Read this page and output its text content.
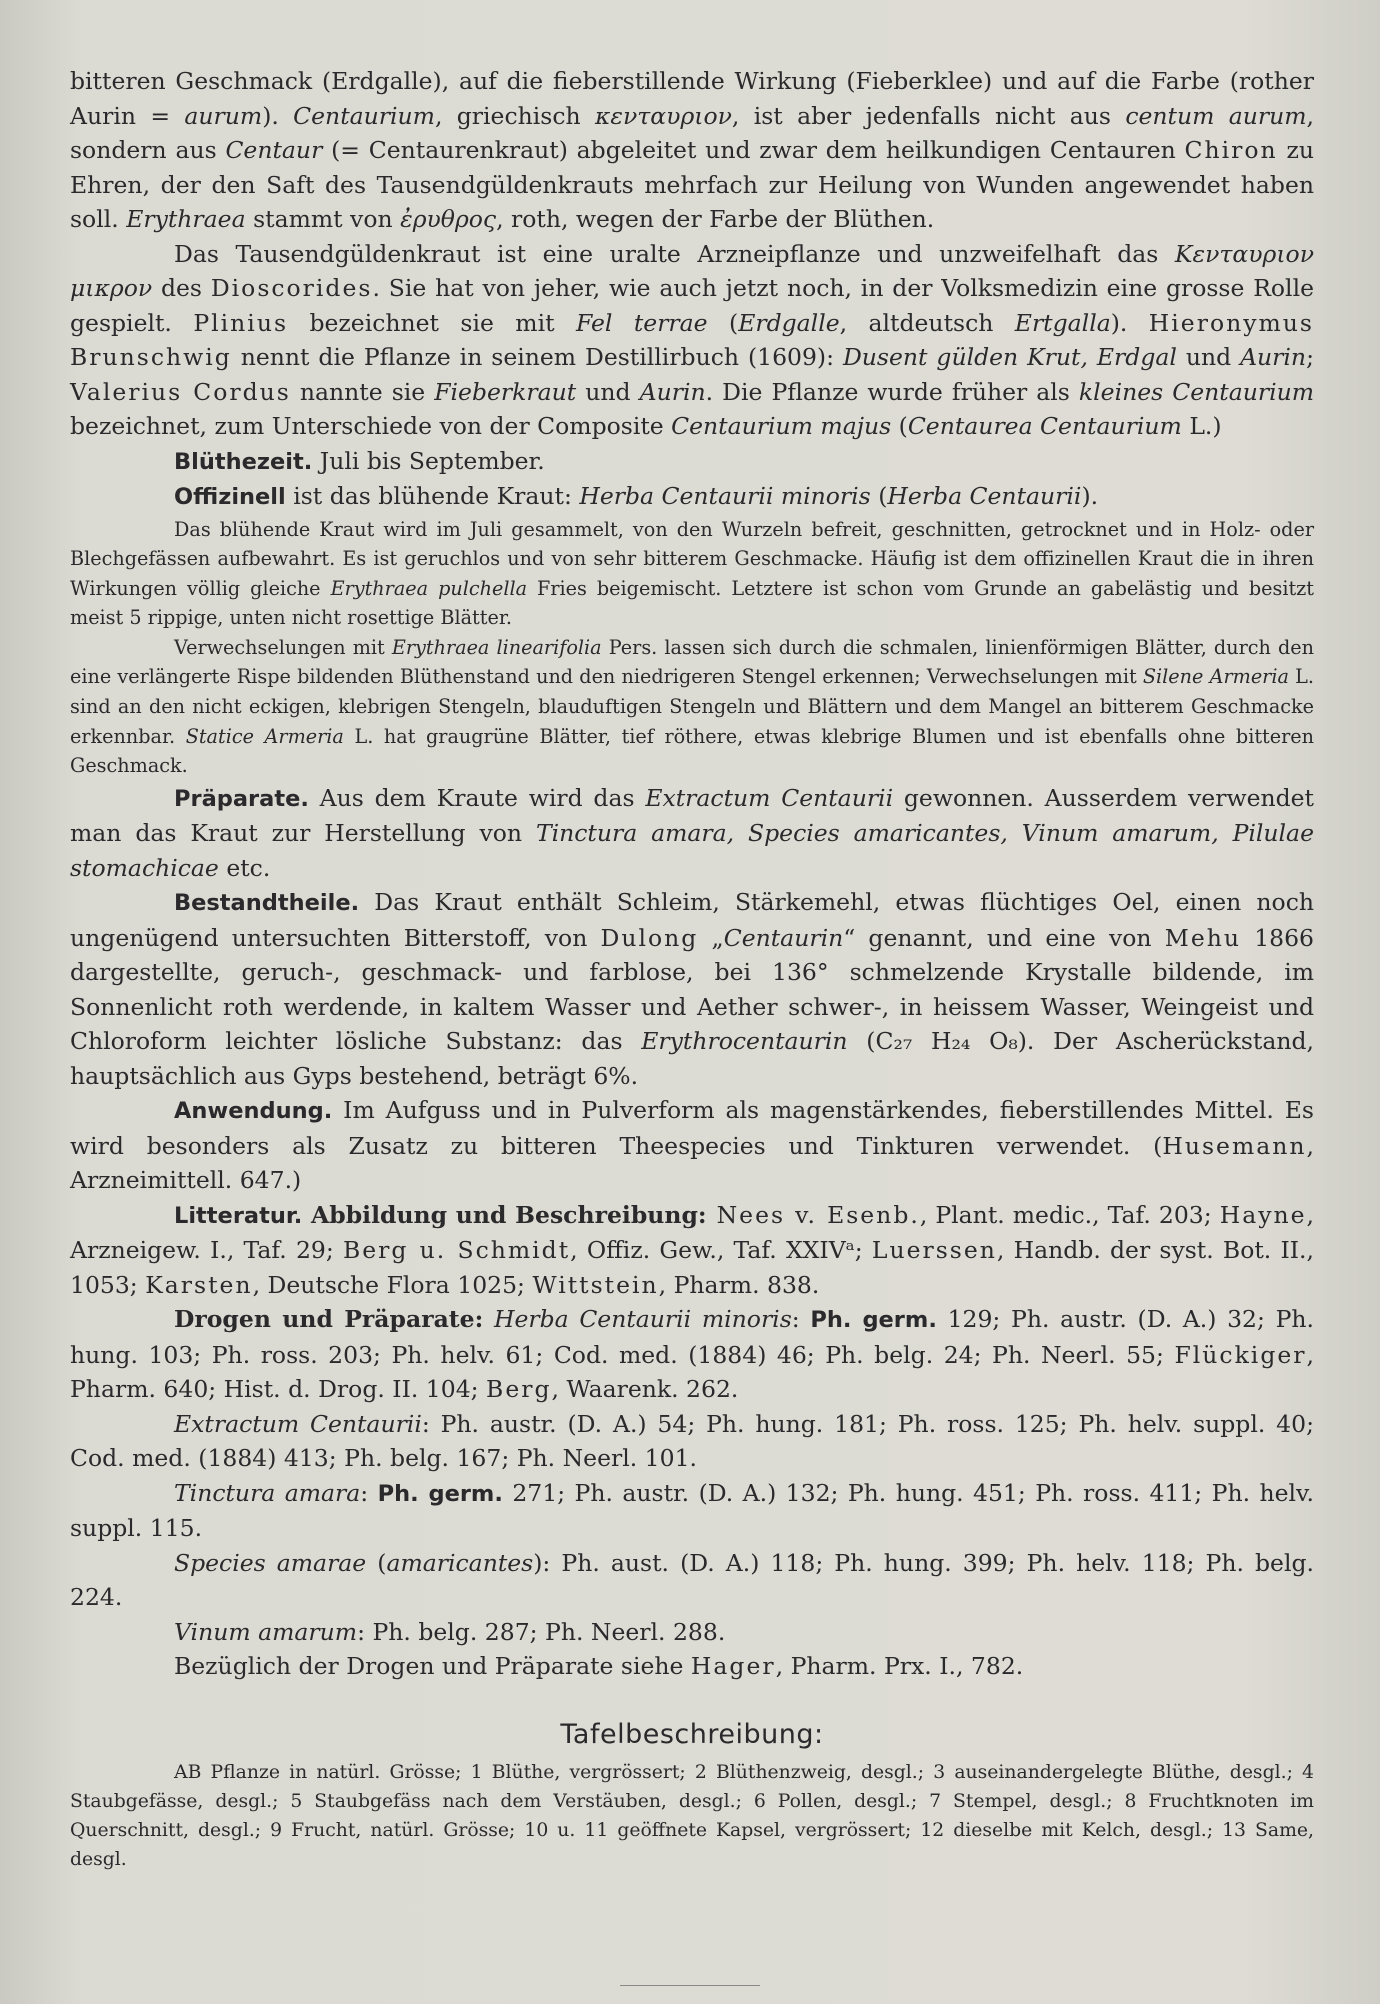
bitteren Geschmack (Erdgalle), auf die fieberstillende Wirkung (Fieberklee) und auf die Farbe (rother Aurin = aurum). Centaurium, griechisch κενταυριον, ist aber jedenfalls nicht aus centum aurum, sondern aus Centaur (= Centaurenkraut) abgeleitet und zwar dem heilkundigen Centauren Chiron zu Ehren, der den Saft des Tausendgüldenkrauts mehrfach zur Heilung von Wunden angewendet haben soll. Erythraea stammt von ἐρυθρος, roth, wegen der Farbe der Blüthen.

Das Tausendgüldenkraut ist eine uralte Arzneipflanze und unzweifelhaft das Κενταυριον μικρον des Dioscorides. Sie hat von jeher, wie auch jetzt noch, in der Volksmedizin eine grosse Rolle gespielt. Plinius bezeichnet sie mit Fel terrae (Erdgalle, altdeutsch Ertgalla). Hieronymus Brunschwig nennt die Pflanze in seinem Destillirbuch (1609): Dusent gülden Krut, Erdgal und Aurin; Valerius Cordus nannte sie Fieberkraut und Aurin. Die Pflanze wurde früher als kleines Centaurium bezeichnet, zum Unterschiede von der Composite Centaurium majus (Centaurea Centaurium L.)

Blüthezeit. Juli bis September.

Offizinell ist das blühende Kraut: Herba Centaurii minoris (Herba Centaurii).

Das blühende Kraut wird im Juli gesammelt, von den Wurzeln befreit, geschnitten, getrocknet und in Holz- oder Blechgefässen aufbewahrt. Es ist geruchlos und von sehr bitterem Geschmacke. Häufig ist dem offizinellen Kraut die in ihren Wirkungen völlig gleiche Erythraea pulchella Fries beigemischt. Letztere ist schon vom Grunde an gabelästig und besitzt meist 5 rippige, unten nicht rosettige Blätter.

Verwechselungen mit Erythraea linearifolia Pers. lassen sich durch die schmalen, linienförmigen Blätter, durch den eine verlängerte Rispe bildenden Blüthenstand und den niedrigeren Stengel erkennen; Verwechselungen mit Silene Armeria L. sind an den nicht eckigen, klebrigen Stengeln, blauduftigen Stengeln und Blättern und dem Mangel an bitterem Geschmacke erkennbar. Statice Armeria L. hat graugrüne Blätter, tief röthere, etwas klebrige Blumen und ist ebenfalls ohne bitteren Geschmack.

Präparate. Aus dem Kraute wird das Extractum Centaurii gewonnen. Ausserdem verwendet man das Kraut zur Herstellung von Tinctura amara, Species amaricantes, Vinum amarum, Pilulae stomachicae etc.

Bestandtheile. Das Kraut enthält Schleim, Stärkemehl, etwas flüchtiges Oel, einen noch ungenügend untersuchten Bitterstoff, von Dulong „Centaurin“ genannt, und eine von Mehu 1866 dargestellte, geruch-, geschmack- und farblose, bei 136° schmelzende Krystalle bildende, im Sonnenlicht roth werdende, in kaltem Wasser und Aether schwer-, in heissem Wasser, Weingeist und Chloroform leichter lösliche Substanz: das Erythrocentaurin (C₂₇ H₂₄ O₈). Der Ascherückstand, hauptsächlich aus Gyps bestehend, beträgt 6%.

Anwendung. Im Aufguss und in Pulverform als magenstärkendes, fieberstillendes Mittel. Es wird besonders als Zusatz zu bitteren Theespecies und Tinkturen verwendet. (Husemann, Arzneimittell. 647.)

Litteratur. Abbildung und Beschreibung: Nees v. Esenb., Plant. medic., Taf. 203; Hayne, Arzneigew. I., Taf. 29; Berg u. Schmidt, Offiz. Gew., Taf. XXIVᵃ; Luerssen, Handb. der syst. Bot. II., 1053; Karsten, Deutsche Flora 1025; Wittstein, Pharm. 838.

Drogen und Präparate: Herba Centaurii minoris: Ph. germ. 129; Ph. austr. (D. A.) 32; Ph. hung. 103; Ph. ross. 203; Ph. helv. 61; Cod. med. (1884) 46; Ph. belg. 24; Ph. Neerl. 55; Flückiger, Pharm. 640; Hist. d. Drog. II. 104; Berg, Waarenk. 262.

Extractum Centaurii: Ph. austr. (D. A.) 54; Ph. hung. 181; Ph. ross. 125; Ph. helv. suppl. 40; Cod. med. (1884) 413; Ph. belg. 167; Ph. Neerl. 101.

Tinctura amara: Ph. germ. 271; Ph. austr. (D. A.) 132; Ph. hung. 451; Ph. ross. 411; Ph. helv. suppl. 115.

Species amarae (amaricantes): Ph. aust. (D. A.) 118; Ph. hung. 399; Ph. helv. 118; Ph. belg. 224.

Vinum amarum: Ph. belg. 287; Ph. Neerl. 288.

Bezüglich der Drogen und Präparate siehe Hager, Pharm. Prx. I., 782.

Tafelbeschreibung:

AB Pflanze in natürl. Grösse; 1 Blüthe, vergrössert; 2 Blüthenzweig, desgl.; 3 auseinandergelegte Blüthe, desgl.; 4 Staubgefässe, desgl.; 5 Staubgefäss nach dem Verstäuben, desgl.; 6 Pollen, desgl.; 7 Stempel, desgl.; 8 Fruchtknoten im Querschnitt, desgl.; 9 Frucht, natürl. Grösse; 10 u. 11 geöffnete Kapsel, vergrössert; 12 dieselbe mit Kelch, desgl.; 13 Same, desgl.
